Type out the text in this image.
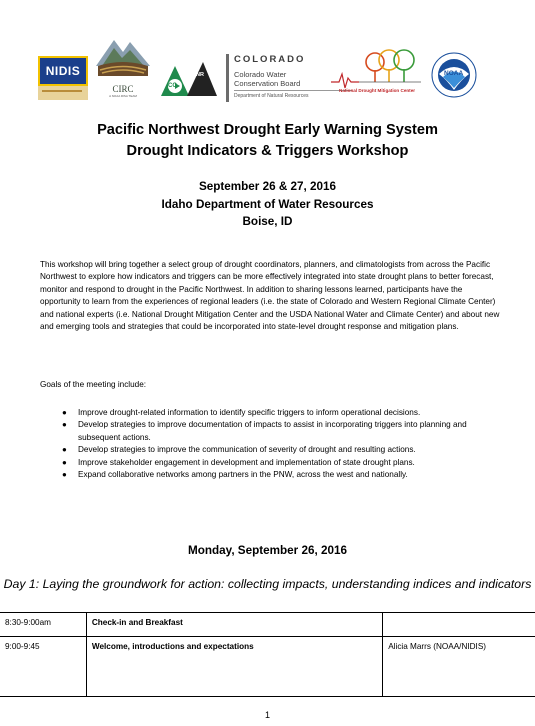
NIDIS
CIRC
A NOAA RISA TEAM
DNR
CO
COLORADO
Colorado Water Conservation Board
Department of Natural Resources
National Drought Mitigation Center
NOAA
Pacific Northwest Drought Early Warning System
Drought Indicators & Triggers Workshop
September 26 & 27, 2016
Idaho Department of Water Resources
Boise, ID

This workshop will bring together a select group of drought coordinators, planners, and climatologists from across the Pacific Northwest to explore how indicators and triggers can be more effectively integrated into state drought plans to better forecast, monitor and respond to drought in the Pacific Northwest. In addition to sharing lessons learned, participants have the opportunity to learn from the experiences of regional leaders (i.e. the state of Colorado and Western Regional Climate Center) and national experts (i.e. National Drought Mitigation Center and the USDA National Water and Climate Center) and about new and emerging tools and strategies that could be incorporated into state-level drought response and mitigation plans.

Goals of the meeting include:

● Improve drought-related information to identify specific triggers to inform operational decisions.
● Develop strategies to improve documentation of impacts to assist in incorporating triggers into planning and subsequent actions.
● Develop strategies to improve the communication of severity of drought and resulting actions.
● Improve stakeholder engagement in development and implementation of state drought plans.
● Expand collaborative networks among partners in the PNW, across the west and nationally.
Monday, September 26, 2016
Day 1: Laying the groundwork for action: collecting impacts, understanding indices and indicators
8:30-9:00am	Check-in and Breakfast	
9:00-9:45	Welcome, introductions and expectations	Alicia Marrs (NOAA/NIDIS)
1
